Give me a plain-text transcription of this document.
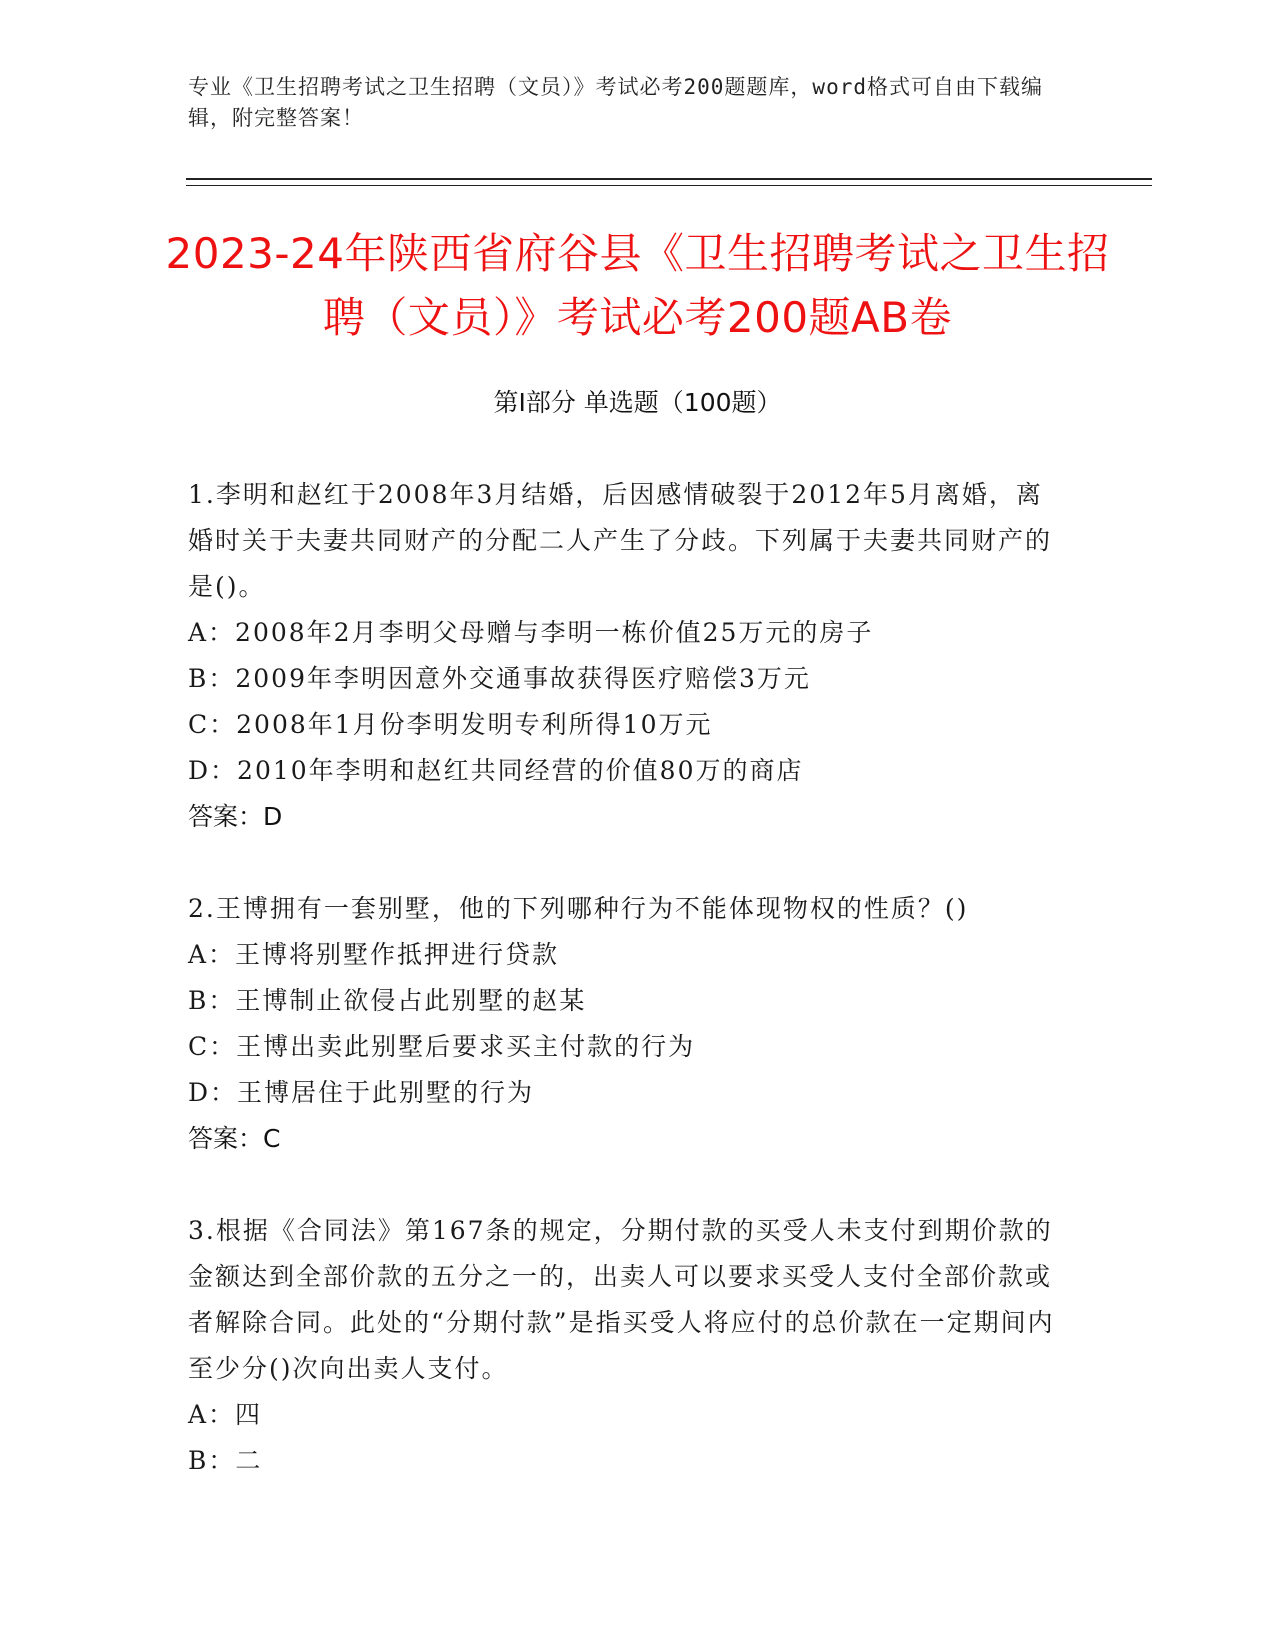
专业《卫生招聘考试之卫生招聘（文员）》考试必考200题题库，word格式可自由下载编辑，附完整答案！
2023-24年陕西省府谷县《卫生招聘考试之卫生招聘（文员）》考试必考200题AB卷
第I部分 单选题（100题）

1.李明和赵红于2008年3月结婚，后因感情破裂于2012年5月离婚，离婚时关于夫妻共同财产的分配二人产生了分歧。下列属于夫妻共同财产的是()。

A：2008年2月李明父母赠与李明一栋价值25万元的房子

B：2009年李明因意外交通事故获得医疗赔偿3万元

C：2008年1月份李明发明专利所得10万元

D：2010年李明和赵红共同经营的价值80万的商店

答案：D

2.王博拥有一套别墅，他的下列哪种行为不能体现物权的性质？()

A：王博将别墅作抵押进行贷款

B：王博制止欲侵占此别墅的赵某

C：王博出卖此别墅后要求买主付款的行为

D：王博居住于此别墅的行为

答案：C

3.根据《合同法》第167条的规定，分期付款的买受人未支付到期价款的金额达到全部价款的五分之一的，出卖人可以要求买受人支付全部价款或者解除合同。此处的“分期付款”是指买受人将应付的总价款在一定期间内至少分()次向出卖人支付。

A：四

B：二
